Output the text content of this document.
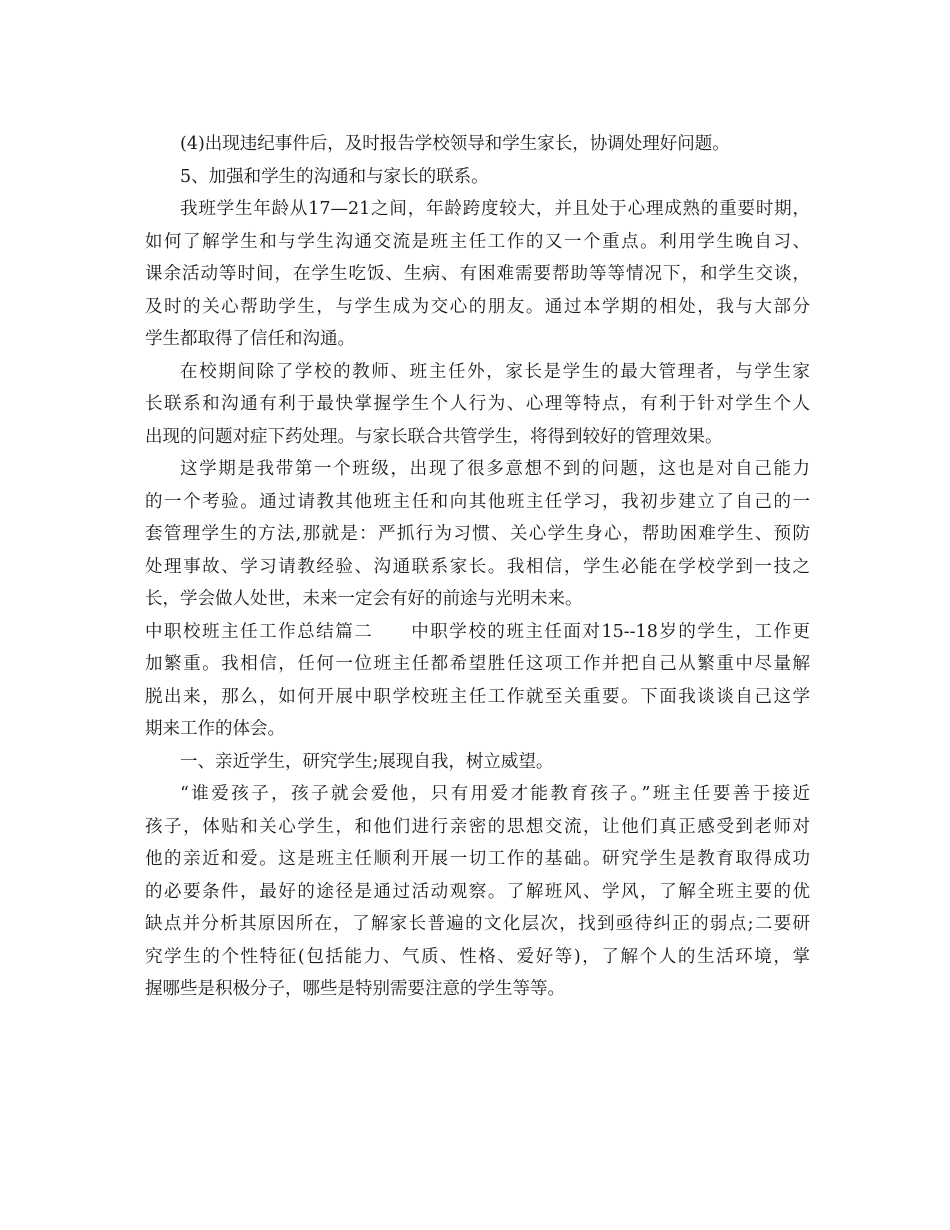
(4)出现违纪事件后，及时报告学校领导和学生家长，协调处理好问题。
5、加强和学生的沟通和与家长的联系。
我班学生年龄从17—21之间，年龄跨度较大，并且处于心理成熟的重要时期，
如何了解学生和与学生沟通交流是班主任工作的又一个重点。利用学生晚自习、
课余活动等时间，在学生吃饭、生病、有困难需要帮助等等情况下，和学生交谈，
及时的关心帮助学生，与学生成为交心的朋友。通过本学期的相处，我与大部分
学生都取得了信任和沟通。
在校期间除了学校的教师、班主任外，家长是学生的最大管理者，与学生家
长联系和沟通有利于最快掌握学生个人行为、心理等特点，有利于针对学生个人
出现的问题对症下药处理。与家长联合共管学生，将得到较好的管理效果。
这学期是我带第一个班级，出现了很多意想不到的问题，这也是对自己能力
的一个考验。通过请教其他班主任和向其他班主任学习，我初步建立了自己的一
套管理学生的方法,那就是：严抓行为习惯、关心学生身心，帮助困难学生、预防
处理事故、学习请教经验、沟通联系家长。我相信，学生必能在学校学到一技之
长，学会做人处世，未来一定会有好的前途与光明未来。
中职校班主任工作总结篇二　　中职学校的班主任面对15--18岁的学生，工作更
加繁重。我相信，任何一位班主任都希望胜任这项工作并把自己从繁重中尽量解
脱出来，那么，如何开展中职学校班主任工作就至关重要。下面我谈谈自己这学
期来工作的体会。
一、亲近学生，研究学生;展现自我，树立威望。
“谁爱孩子，孩子就会爱他，只有用爱才能教育孩子。”班主任要善于接近
孩子，体贴和关心学生，和他们进行亲密的思想交流，让他们真正感受到老师对
他的亲近和爱。这是班主任顺利开展一切工作的基础。研究学生是教育取得成功
的必要条件，最好的途径是通过活动观察。了解班风、学风，了解全班主要的优
缺点并分析其原因所在，了解家长普遍的文化层次，找到亟待纠正的弱点;二要研
究学生的个性特征(包括能力、气质、性格、爱好等)，了解个人的生活环境，掌
握哪些是积极分子，哪些是特别需要注意的学生等等。
